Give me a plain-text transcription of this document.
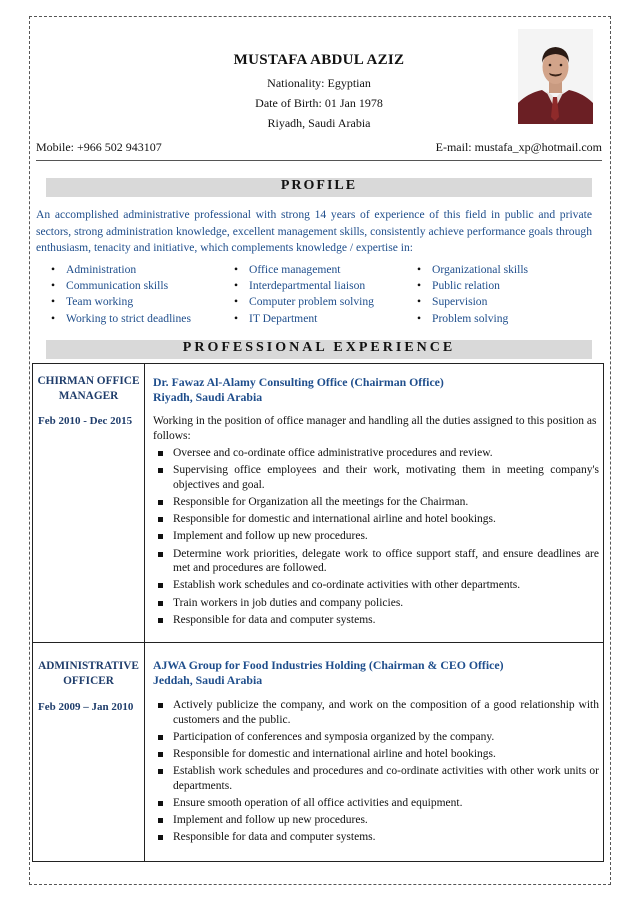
MUSTAFA ABDUL AZIZ
Nationality: Egyptian
Date of Birth: 01 Jan 1978
Riyadh, Saudi Arabia
Mobile: +966 502 943107	E-mail: mustafa_xp@hotmail.com
PROFILE
An accomplished administrative professional with strong 14 years of experience of this field in public and private sectors, strong administration knowledge, excellent management skills, consistently achieve performance goals through enthusiasm, tenacity and initiative, which complements knowledge / expertise in:
• Administration
• Communication skills
• Team working
• Working to strict deadlines
• Office management
• Interdepartmental liaison
• Computer problem solving
• IT Department
• Organizational skills
• Public relation
• Supervision
• Problem solving
PROFESSIONAL EXPERIENCE
CHIRMAN OFFICE
MANAGER
Feb 2010 - Dec 2015
Dr. Fawaz Al-Alamy Consulting Office (Chairman Office)
Riyadh, Saudi Arabia
Working in the position of office manager and handling all the duties assigned to this position as follows:
Oversee and co-ordinate office administrative procedures and review.
Supervising office employees and their work, motivating them in meeting company's objectives and goal.
Responsible for Organization all the meetings for the Chairman.
Responsible for domestic and international airline and hotel bookings.
Implement and follow up new procedures.
Determine work priorities, delegate work to office support staff, and ensure deadlines are met and procedures are followed.
Establish work schedules and co-ordinate activities with other departments.
Train workers in job duties and company policies.
Responsible for data and computer systems.
ADMINISTRATIVE
OFFICER
Feb 2009 – Jan 2010
AJWA Group for Food Industries Holding (Chairman & CEO Office)
Jeddah, Saudi Arabia
Actively publicize the company, and work on the composition of a good relationship with customers and the public.
Participation of conferences and symposia organized by the company.
Responsible for domestic and international airline and hotel bookings.
Establish work schedules and procedures and co-ordinate activities with other work units or departments.
Ensure smooth operation of all office activities and equipment.
Implement and follow up new procedures.
Responsible for data and computer systems.
